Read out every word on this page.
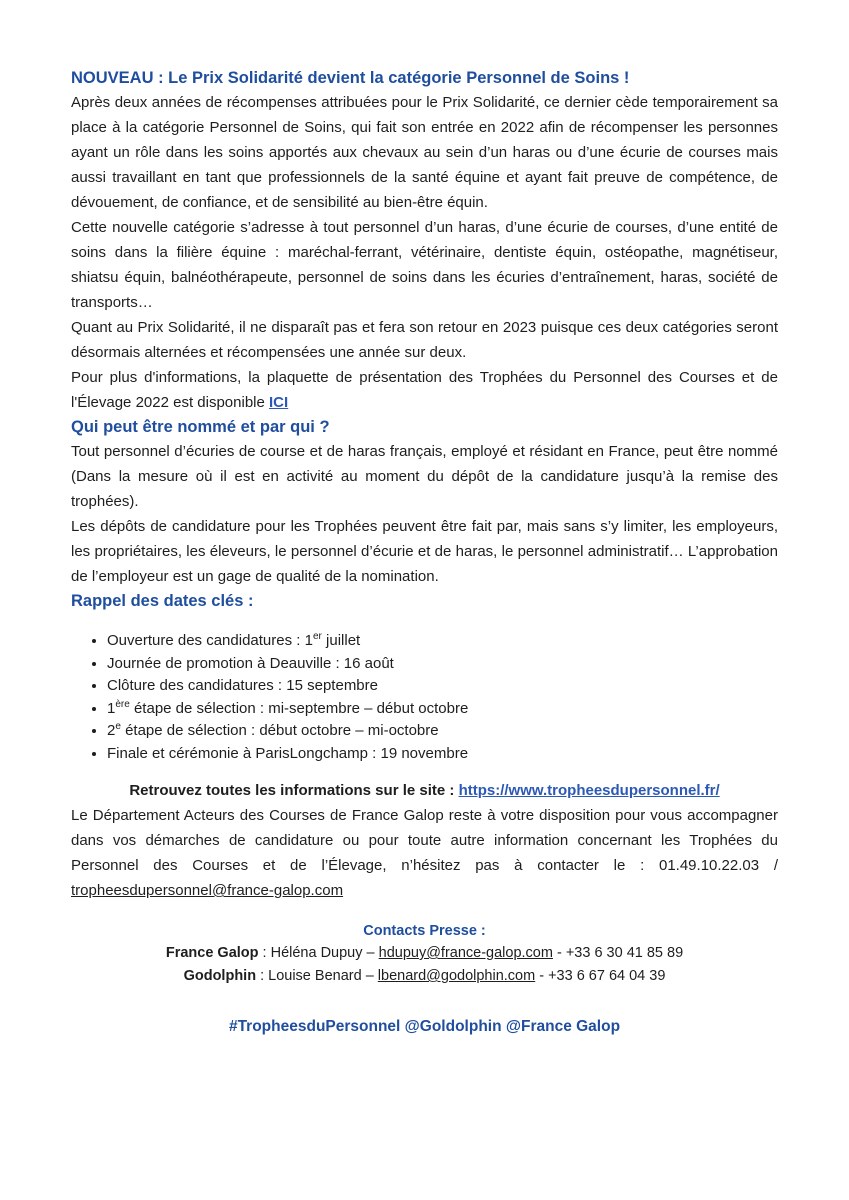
NOUVEAU : Le Prix Solidarité devient la catégorie Personnel de Soins !

Après deux années de récompenses attribuées pour le Prix Solidarité, ce dernier cède temporairement sa place à la catégorie Personnel de Soins, qui fait son entrée en 2022 afin de récompenser les personnes ayant un rôle dans les soins apportés aux chevaux au sein d’un haras ou d’une écurie de courses mais aussi travaillant en tant que professionnels de la santé équine et ayant fait preuve de compétence, de dévouement, de confiance, et de sensibilité au bien-être équin.

Cette nouvelle catégorie s’adresse à tout personnel d’un haras, d’une écurie de courses, d’une entité de soins dans la filière équine : maréchal-ferrant, vétérinaire, dentiste équin, ostéopathe, magnétiseur, shiatsu équin, balnéothérapeute, personnel de soins dans les écuries d’entraînement, haras, société de transports…

Quant au Prix Solidarité, il ne disparaît pas et fera son retour en 2023 puisque ces deux catégories seront désormais alternées et récompensées une année sur deux.

Pour plus d'informations, la plaquette de présentation des Trophées du Personnel des Courses et de l'Élevage 2022 est disponible ICI

Qui peut être nommé et par qui ?

Tout personnel d’écuries de course et de haras français, employé et résidant en France, peut être nommé (Dans la mesure où il est en activité au moment du dépôt de la candidature jusqu’à la remise des trophées).

Les dépôts de candidature pour les Trophées peuvent être fait par, mais sans s’y limiter, les employeurs, les propriétaires, les éleveurs, le personnel d’écurie et de haras, le personnel administratif… L’approbation de l’employeur est un gage de qualité de la nomination.

Rappel des dates clés :
• Ouverture des candidatures : 1er juillet
• Journée de promotion à Deauville : 16 août
• Clôture des candidatures : 15 septembre
• 1ère étape de sélection : mi-septembre – début octobre
• 2e étape de sélection : début octobre – mi-octobre
• Finale et cérémonie à ParisLongchamp : 19 novembre

Retrouvez toutes les informations sur le site : https://www.tropheesdupersonnel.fr/

Le Département Acteurs des Courses de France Galop reste à votre disposition pour vous accompagner dans vos démarches de candidature ou pour toute autre information concernant les Trophées du Personnel des Courses et de l’Élevage, n’hésitez pas à contacter le : 01.49.10.22.03 / tropheesdupersonnel@france-galop.com

Contacts Presse :

France Galop : Héléna Dupuy – hdupuy@france-galop.com - +33 6 30 41 85 89

Godolphin : Louise Benard – lbenard@godolphin.com - +33 6 67 64 04 39

#TropheesduPersonnel @Goldolphin @France Galop
